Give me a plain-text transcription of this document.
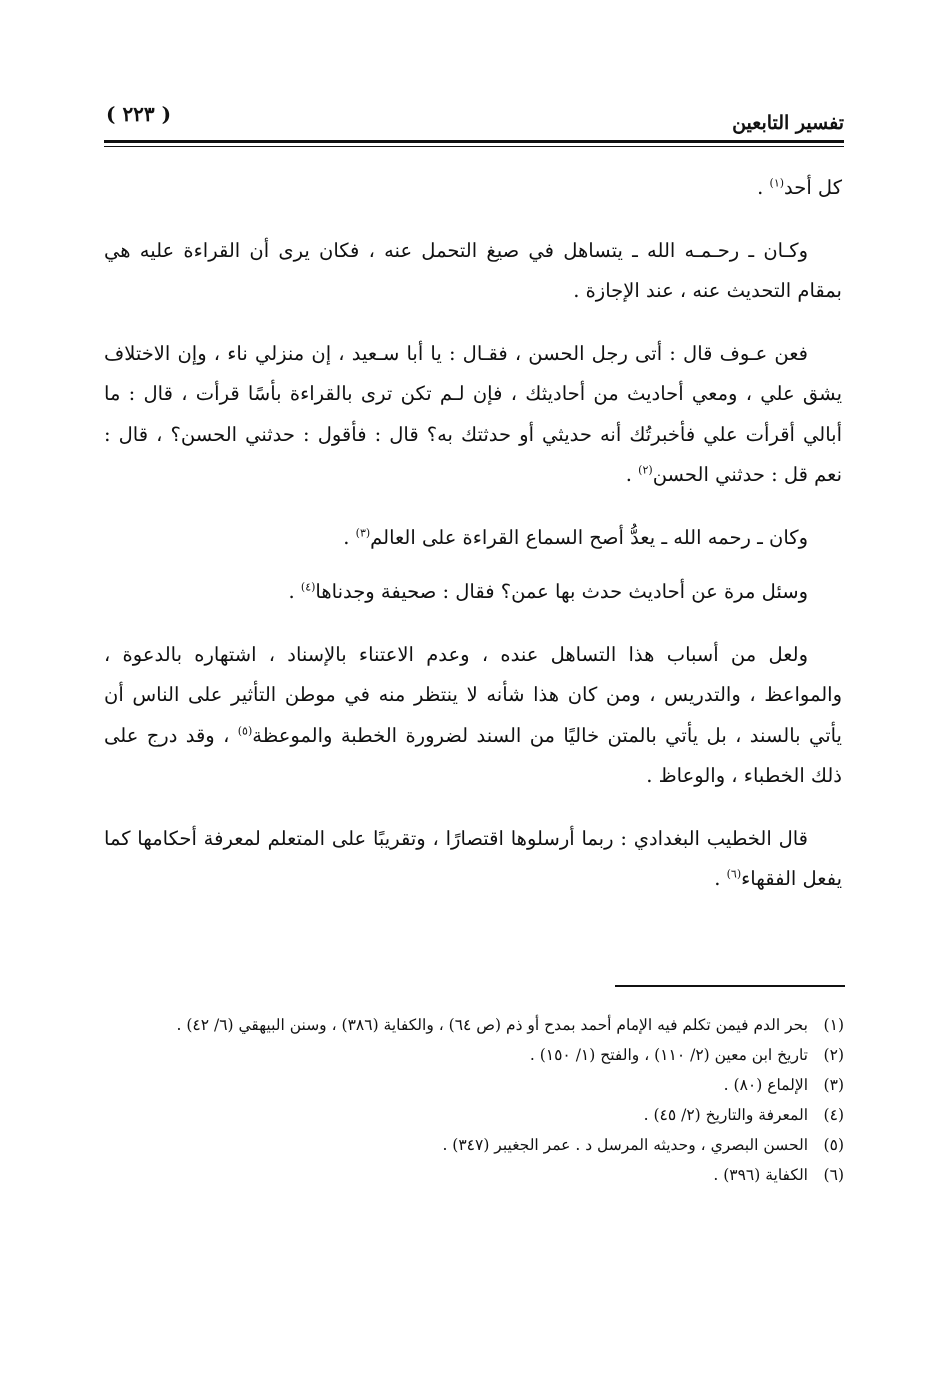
تفسير التابعين
( ٢٢٣ )

كل أحد$^{(١)}$ .

وكـان ـ رحـمـه الله ـ يتساهل في صيغ التحمل عنه ، فكان يرى أن القراءة عليه هي بمقام التحديث عنه ، عند الإجازة .

فعن عـوف قال : أتى رجل الحسن ، فقـال : يا أبا سـعيد ، إن منزلي ناء ، وإن الاختلاف يشق علي ، ومعي أحاديث من أحاديثك ، فإن لـم تكن ترى بالقراءة بأسًا قرأت ، قال : ما أبالي أقرأت علي فأخبرتُك أنه حديثي أو حدثتك به؟ قال : فأقول : حدثني الحسن؟ ، قال : نعم قل : حدثني الحسن$^{(٢)}$ .

وكان ـ رحمه الله ـ يعدُّ أصح السماع القراءة على العالم$^{(٣)}$ .

وسئل مرة عن أحاديث حدث بها عمن؟ فقال : صحيفة وجدناها$^{(٤)}$ .

ولعل من أسباب هذا التساهل عنده ، وعدم الاعتناء بالإسناد ، اشتهاره بالدعوة ، والمواعظ ، والتدريس ، ومن كان هذا شأنه لا ينتظر منه في موطن التأثير على الناس أن يأتي بالسند ، بل يأتي بالمتن خاليًا من السند لضرورة الخطبة والموعظة$^{(٥)}$ ، وقد درج على ذلك الخطباء ، والوعاظ .

قال الخطيب البغدادي : ربما أرسلوها اقتصارًا ، وتقريبًا على المتعلم لمعرفة أحكامها كما يفعل الفقهاء$^{(٦)}$ .

(١)
بحر الدم فيمن تكلم فيه الإمام أحمد بمدح أو ذم (ص ٦٤) ، والكفاية (٣٨٦) ، وسنن البيهقي (٦/ ٤٢) .
(٢)
تاريخ ابن معين (٢/ ١١٠) ، والفتح (١/ ١٥٠) .
(٣)
الإلماع (٨٠) .
(٤)
المعرفة والتاريخ (٢/ ٤٥) .
(٥)
الحسن البصري ، وحديثه المرسل د . عمر الجغيبر (٣٤٧) .
(٦)
الكفاية (٣٩٦) .
